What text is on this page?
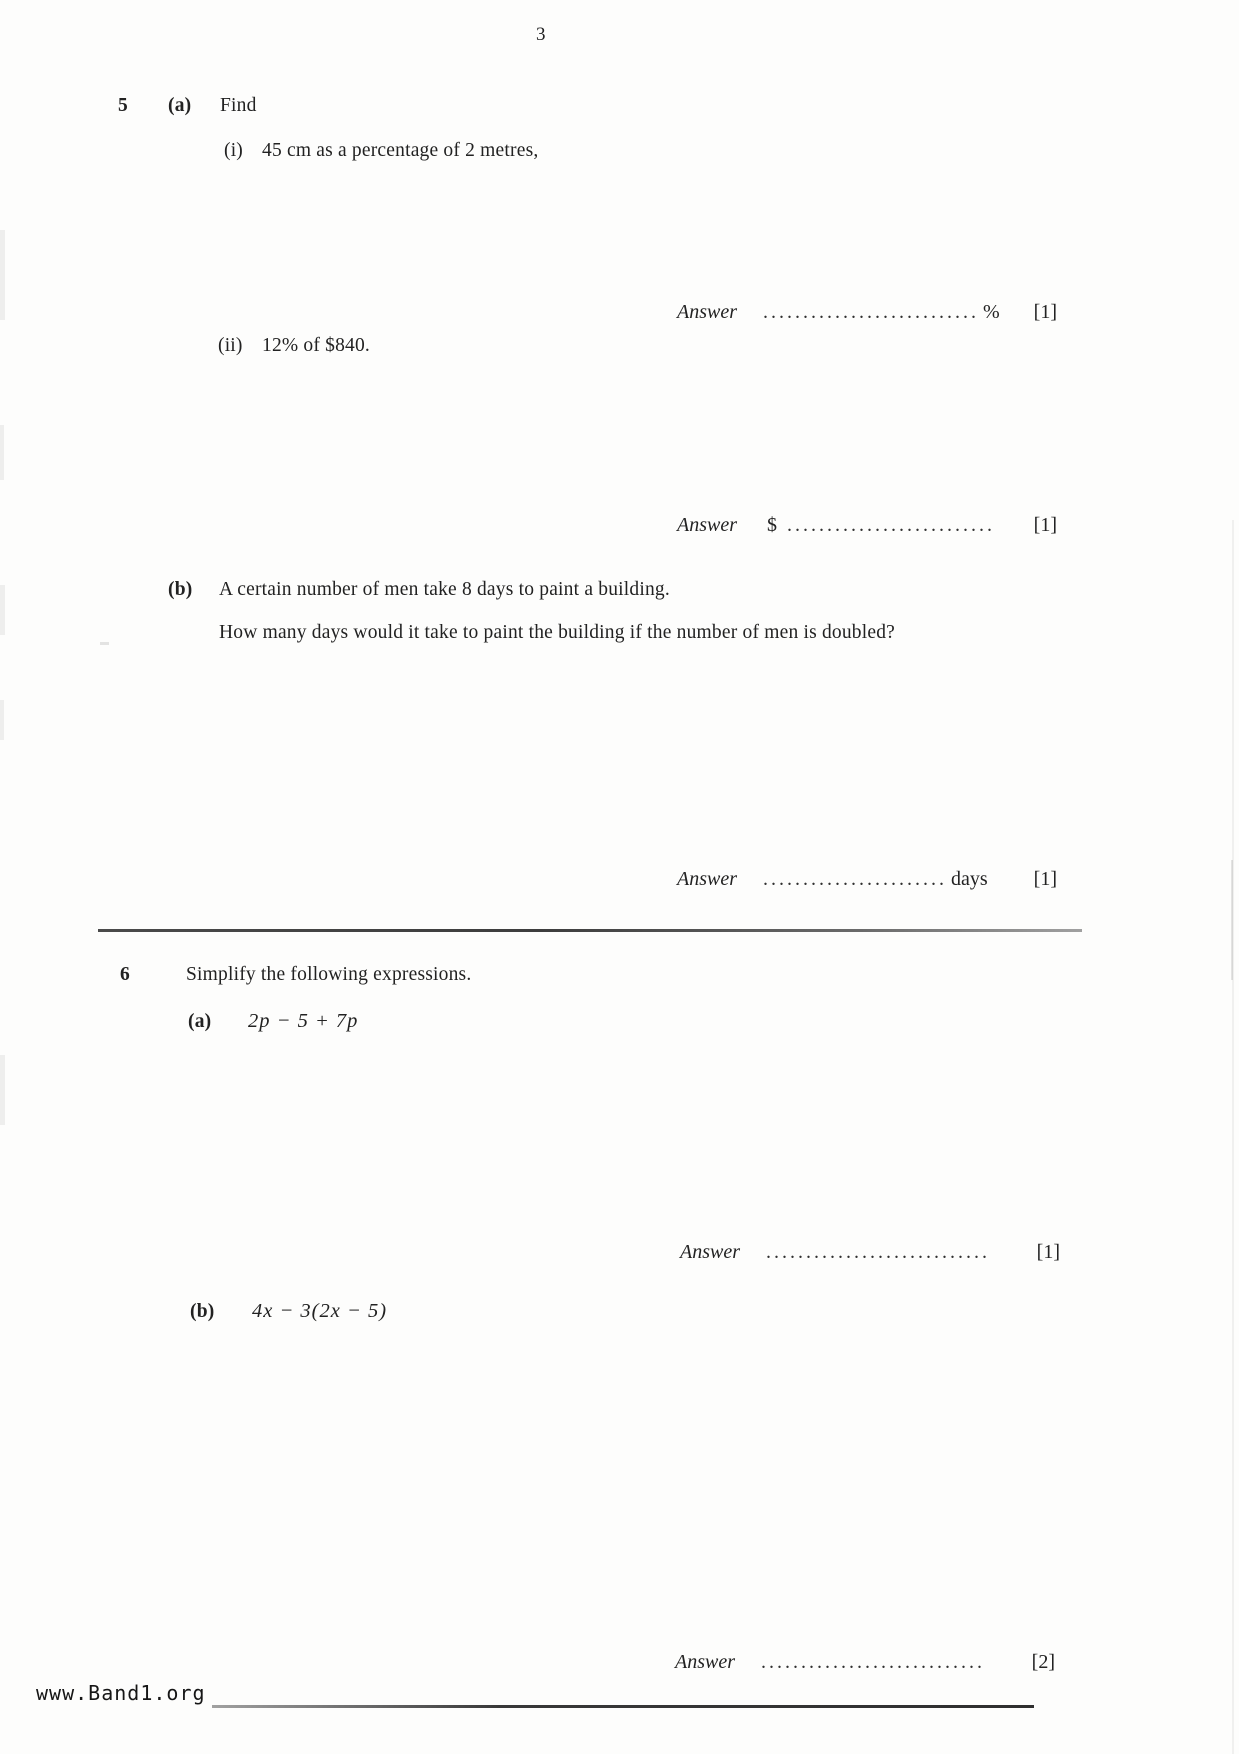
3
5 (a) Find
(i) 45 cm as a percentage of 2 metres,
Answer ........................... % [1]
(ii) 12% of $840.
Answer $ .......................... [1]
(b) A certain number of men take 8 days to paint a building.
How many days would it take to paint the building if the number of men is doubled?
Answer ....................... days [1]
6	Simplify the following expressions.
(a) 2p − 5 + 7p
Answer ............................ [1]
(b) 4x − 3(2x − 5)
Answer ............................ [2]
www.Band1.org
